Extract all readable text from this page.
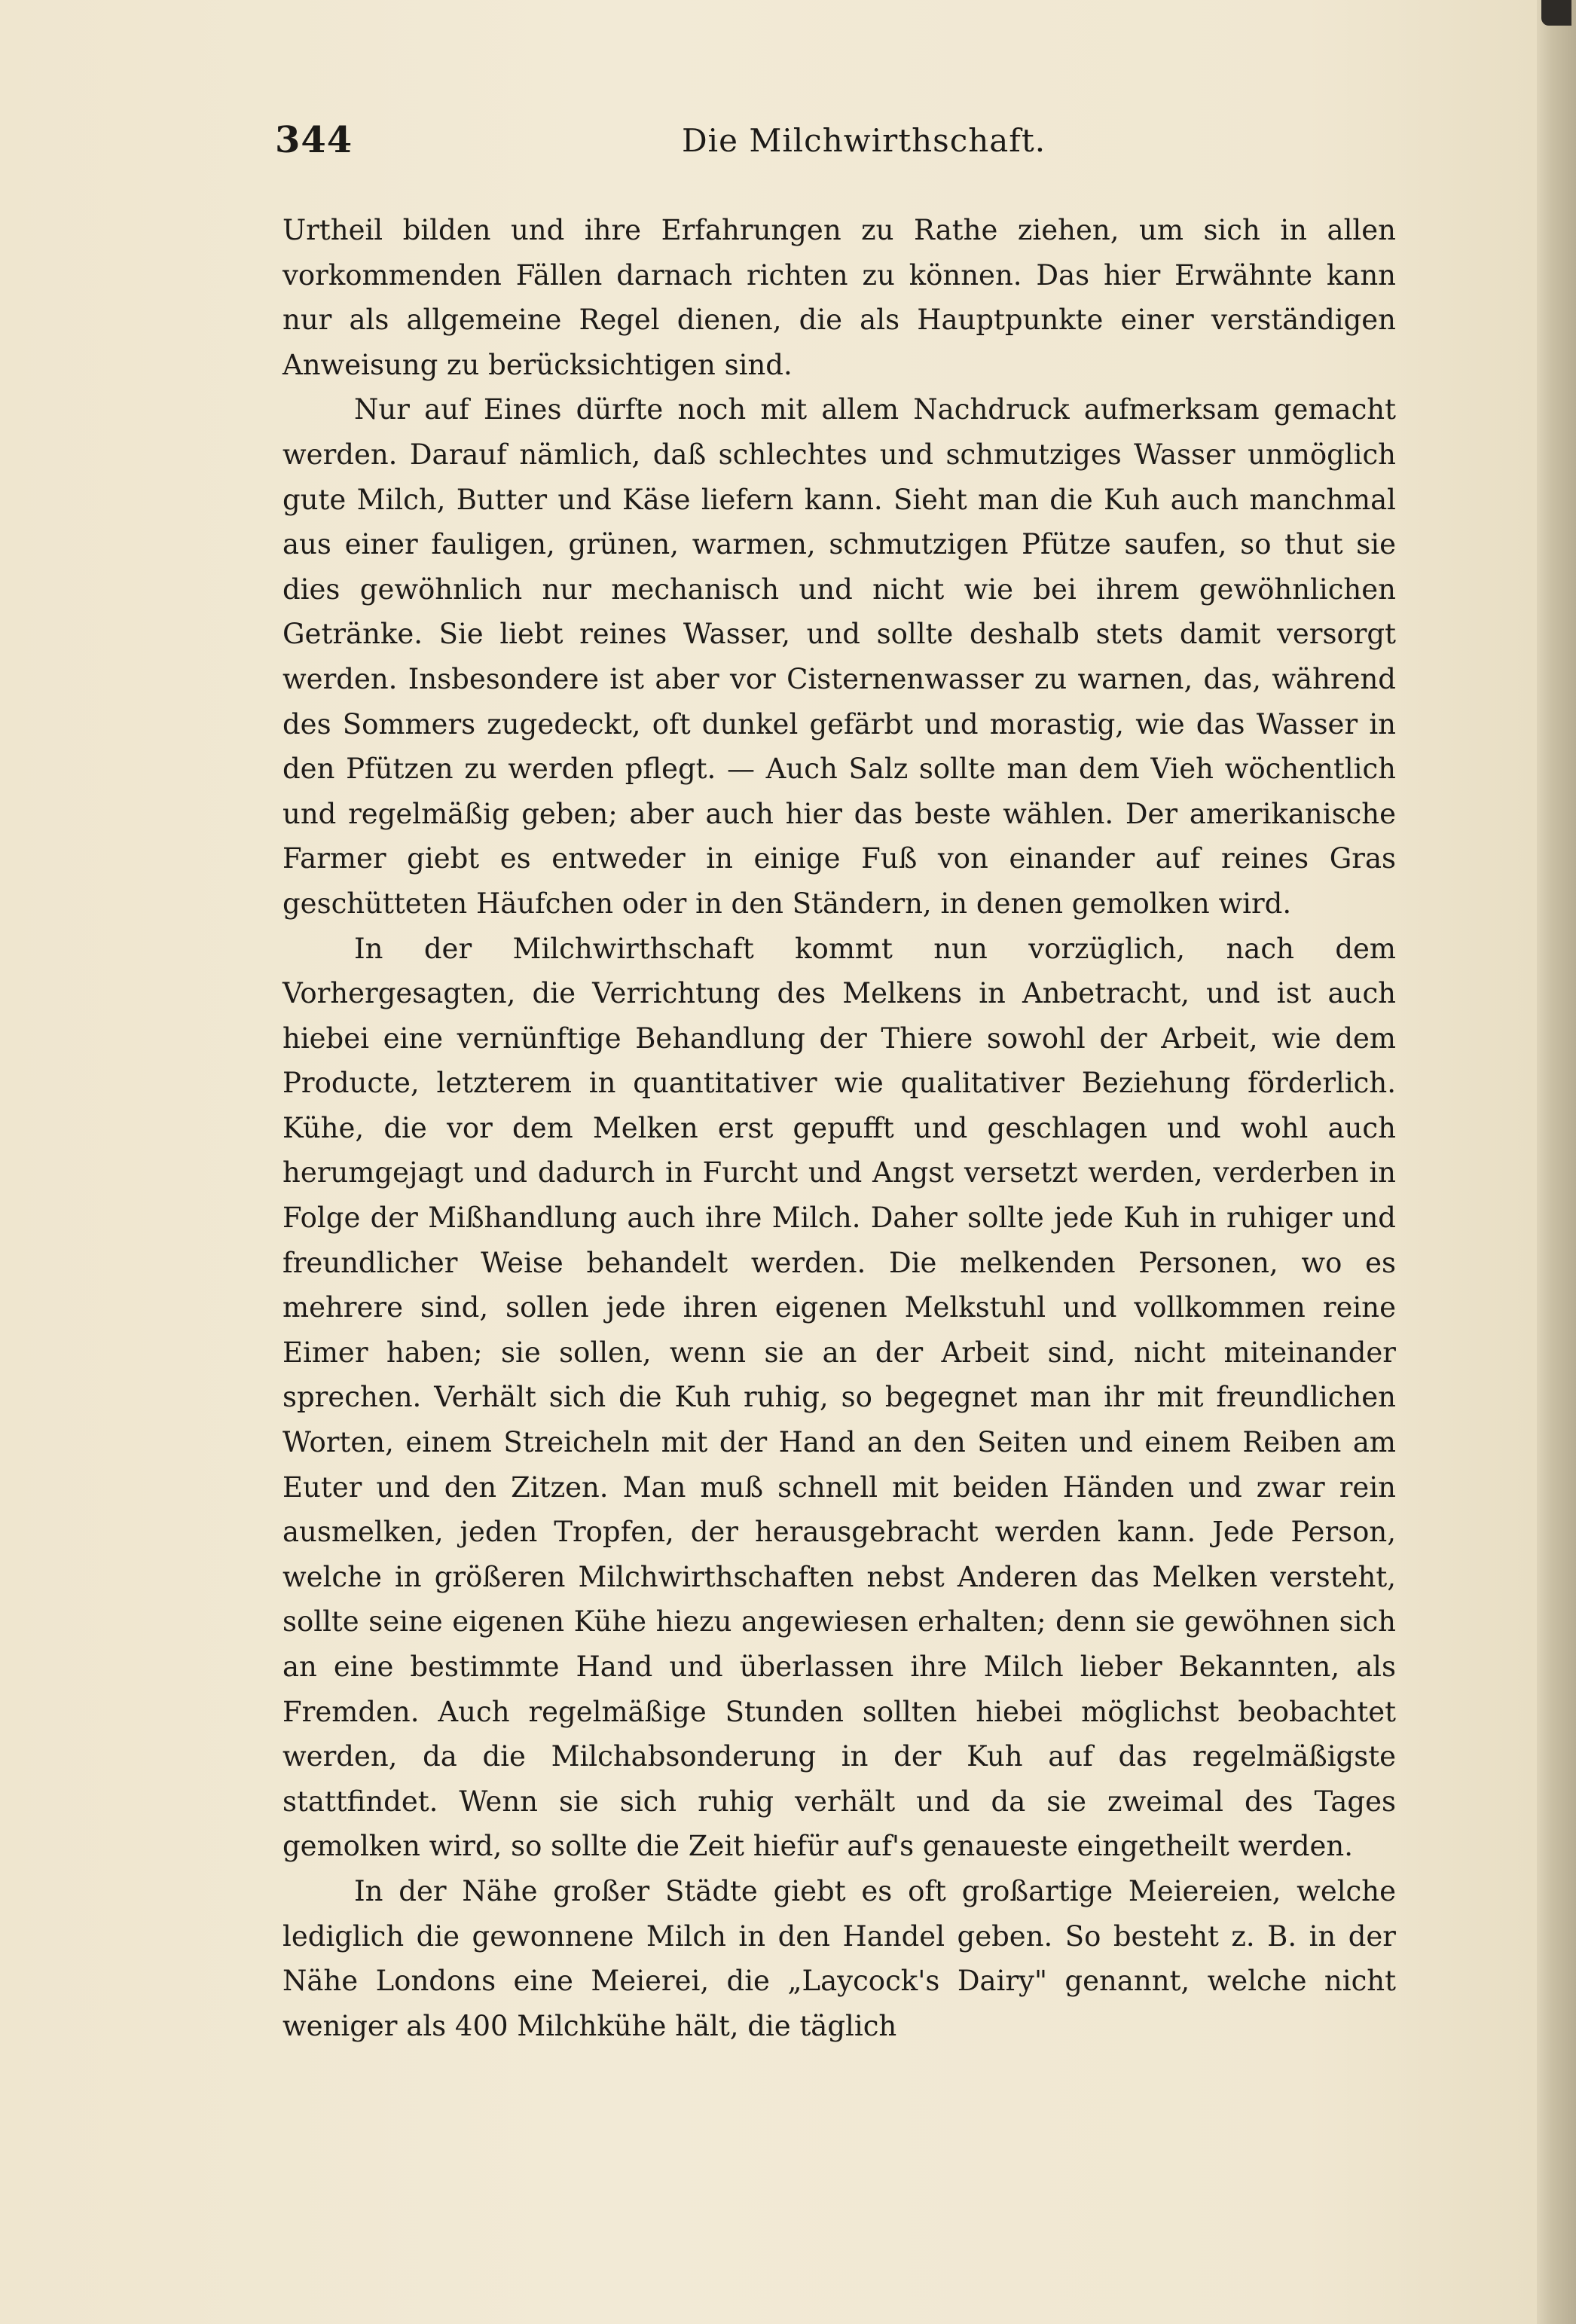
344	Die Milchwirthschaft.

Urtheil bilden und ihre Erfahrungen zu Rathe ziehen, um sich in allen vorkommenden Fällen darnach richten zu können. Das hier Erwähnte kann nur als allgemeine Regel dienen, die als Hauptpunkte einer verständigen Anweisung zu berücksichtigen sind.

Nur auf Eines dürfte noch mit allem Nachdruck aufmerksam gemacht werden. Darauf nämlich, daß schlechtes und schmutziges Wasser unmöglich gute Milch, Butter und Käse liefern kann. Sieht man die Kuh auch manchmal aus einer fauligen, grünen, warmen, schmutzigen Pfütze saufen, so thut sie dies gewöhnlich nur mechanisch und nicht wie bei ihrem gewöhnlichen Getränke. Sie liebt reines Wasser, und sollte deshalb stets damit versorgt werden. Insbesondere ist aber vor Cisternenwasser zu warnen, das, während des Sommers zugedeckt, oft dunkel gefärbt und morastig, wie das Wasser in den Pfützen zu werden pflegt. — Auch Salz sollte man dem Vieh wöchentlich und regelmäßig geben; aber auch hier das beste wählen. Der amerikanische Farmer giebt es entweder in einige Fuß von einander auf reines Gras geschütteten Häufchen oder in den Ständern, in denen gemolken wird.

In der Milchwirthschaft kommt nun vorzüglich, nach dem Vorhergesagten, die Verrichtung des Melkens in Anbetracht, und ist auch hiebei eine vernünftige Behandlung der Thiere sowohl der Arbeit, wie dem Producte, letzterem in quantitativer wie qualitativer Beziehung förderlich. Kühe, die vor dem Melken erst gepufft und geschlagen und wohl auch herumgejagt und dadurch in Furcht und Angst versetzt werden, verderben in Folge der Mißhandlung auch ihre Milch. Daher sollte jede Kuh in ruhiger und freundlicher Weise behandelt werden. Die melkenden Personen, wo es mehrere sind, sollen jede ihren eigenen Melkstuhl und vollkommen reine Eimer haben; sie sollen, wenn sie an der Arbeit sind, nicht miteinander sprechen. Verhält sich die Kuh ruhig, so begegnet man ihr mit freundlichen Worten, einem Streicheln mit der Hand an den Seiten und einem Reiben am Euter und den Zitzen. Man muß schnell mit beiden Händen und zwar rein ausmelken, jeden Tropfen, der herausgebracht werden kann. Jede Person, welche in größeren Milchwirthschaften nebst Anderen das Melken versteht, sollte seine eigenen Kühe hiezu angewiesen erhalten; denn sie gewöhnen sich an eine bestimmte Hand und überlassen ihre Milch lieber Bekannten, als Fremden. Auch regelmäßige Stunden sollten hiebei möglichst beobachtet werden, da die Milchabsonderung in der Kuh auf das regelmäßigste stattfindet. Wenn sie sich ruhig verhält und da sie zweimal des Tages gemolken wird, so sollte die Zeit hiefür auf's genaueste eingetheilt werden.

In der Nähe großer Städte giebt es oft großartige Meiereien, welche lediglich die gewonnene Milch in den Handel geben. So besteht z. B. in der Nähe Londons eine Meierei, die „Laycock's Dairy" genannt, welche nicht weniger als 400 Milchkühe hält, die täglich
